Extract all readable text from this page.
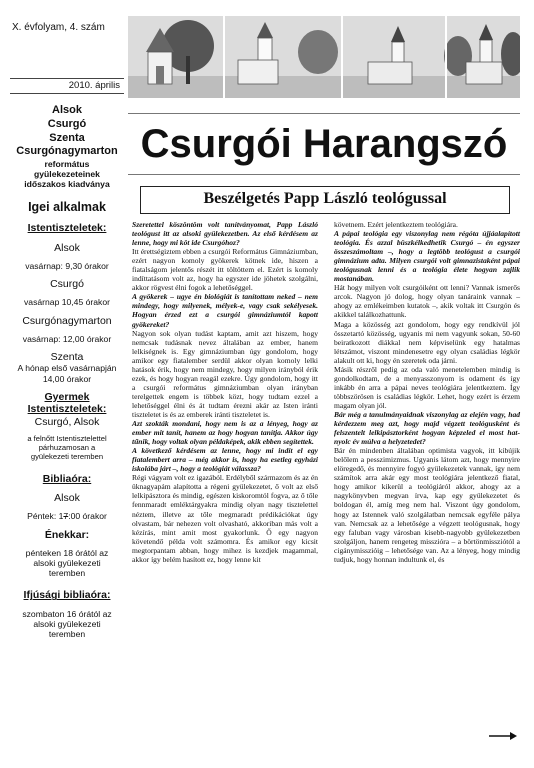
X. évfolyam, 4. szám
2010. április
Alsok
Csurgó
Szenta
Csurgónagymarton
református
gyülekezeteinek
időszakos kiadványa
Igei alkalmak
Istentiszteletek:
Alsok
vasárnap: 9,30 órakor
Csurgó
vasárnap 10,45 órakor
Csurgónagymarton
vasárnap: 12,00 órakor
Szenta
A hónap első vasárnapján
14,00 órakor
Gyermek
Istentiszteletek:
Csurgó, Alsok
a felnőtt Istentisztelettel
párhuzamosan a
gyülekezeti teremben
Bibliaóra:
Alsok
Péntek: 17:00 órakor
Énekkar:
pénteken 18 órától az
alsoki gyülekezeti
teremben
Ifjúsági bibliaóra:
szombaton 16 órától az
alsoki gyülekezeti
teremben
Csurgói Harangszó
Beszélgetés Papp László teológussal

Szeretettel köszöntöm volt tanítványomat, Papp László teológust itt az alsoki gyülekezetben. Az első kérdésem az lenne, hogy mi köt ide Csurgóhoz?

Itt érettségiztem ebben a csurgói Református Gimnáziumban, ezért nagyon komoly gyökerek kötnek ide, hiszen a fiatalságom jelentős részét itt töltöttem el. Ezért is komoly indíttatásom volt az, hogy ha egyszer ide jöhetek szolgálni, akkor rögvest élni fogok a lehetőséggel.

A gyökerek – ugye én biológiát is tanítottam neked – nem mindegy, hogy milyenek, mélyek-e, vagy csak sekélyesek. Hogyan érzed ezt a csurgói gimnáziumtól kapott gyökereket?

Nagyon sok olyan tudást kaptam, amit azt hiszem, hogy nemcsak tudásnak nevez általában az ember, hanem lelkiségnek is. Egy gimnáziumban úgy gondolom, hogy amikor egy fiatalember serdül akkor olyan komoly lelki hatások érik, hogy nem mindegy, hogy milyen irányból érik ezek, és hogy hogyan reagál ezekre. Úgy gondolom, hogy itt a csurgói református gimnáziumban olyan irányban terelgettek engem is többek közt, hogy tudtam ezzel a lehetőséggel élni és át tudtam érezni akár az Isten iránti tiszteletet is és az emberek iránti tiszteletet is.

Azt szokták mondani, hogy nem is az a lényeg, hogy az ember mit tanít, hanem az hogy hogyan tanítja. Akkor úgy tűnik, hogy voltak olyan példaképek, akik ebben segítettek.

A következő kérdésem az lenne, hogy mi indít el egy fiatalembert arra – még akkor is, hogy ha esetleg egyházi iskolába járt –, hogy a teológiát válassza?

Régi vágyam volt ez igazából. Erdélyből származom és az én üknagyapám alapította a régeni gyülekezetet, ő volt az első lelkipásztora és mindig, egészen kiskoromtól fogva, az ő tőle fennmaradt emléktárgyakra mindig olyan nagy tisztelettel néztem, illetve az tőle megmaradt prédikációkat úgy olvastam, bár nehezen volt olvasható, akkoriban más volt a kézírás, mint amit most gyakorlunk. Ő egy nagyon követendő példa volt számomra. És amikor egy kicsit megtorpantam abban, hogy mihez is kezdjek magammal, akkor így belém hasított ez, hogy lenne kit

követnem. Ezért jelentkeztem teológiára.

A pápai teológia egy viszonylag nem régóta újjáalapított teológia. És azzal büszkélkedhetik Csurgó – én egyszer összeszámoltam –, hogy a legtöbb teológust a csurgói gimnázium adta. Milyen csurgói volt gimnazistaként pápai teológusnak lenni és a teológia élete hogyan zajlik mostanában.

Hát hogy milyen volt csurgóiként ott lenni? Vannak ismerős arcok. Nagyon jó dolog, hogy olyan tanáraink vannak – ahogy az emlékeimben kutatok –, akik voltak itt Csurgón és akikkel találkozhattunk.

Maga a közösség azt gondolom, hogy egy rendkívül jól összetartó közösség, ugyanis mi nem vagyunk sokan, 50-60 beiratkozott diákkal nem képviselünk egy hatalmas létszámot, viszont mindenesetre egy olyan családias légkör alakult ott ki, hogy én szeretek oda járni.

Másik részről pedig az oda való menetelemben mindig is gondolkodtam, de a menyasszonyom is odament és így inkább én arra a pápai neves teológiára jelentkeztem. Így többszörösen is családias légkör. Lehet, hogy ezért is érzem magam olyan jól.

Bár még a tanulmányaidnak viszonylag az elején vagy, had kérdezzem meg azt, hogy majd végzett teológusként és felszentelt lelkipásztorként hogyan képzeled el most hat-nyolc év múlva a helyzetedet?

Bár én mindenben általában optimista vagyok, itt kibújik belőlem a pesszimizmus. Ugyanis látom azt, hogy mennyire elöregedő, és mennyire fogyó gyülekezetek vannak, így nem számítok arra akár egy most teológiára jelentkező fiatal, hogy amikor kikerül a teológiáról akkor, ahogy az a nagykönyvben megvan írva, kap egy gyülekezetet és boldogan él, amíg meg nem hal. Viszont úgy gondolom, hogy az Istennek való szolgálatban nemcsak egyféle pálya van. Nemcsak az a lehetősége a végzett teológusnak, hogy egy faluban vagy városban kisebb-nagyobb gyülekezetben szolgáljon, hanem rengeteg misszióra – a börtönmissziótól a cigánymisszióig – lehetősége van. Az a lényeg, hogy mindig tudjuk, hogy honnan indultunk el, és
